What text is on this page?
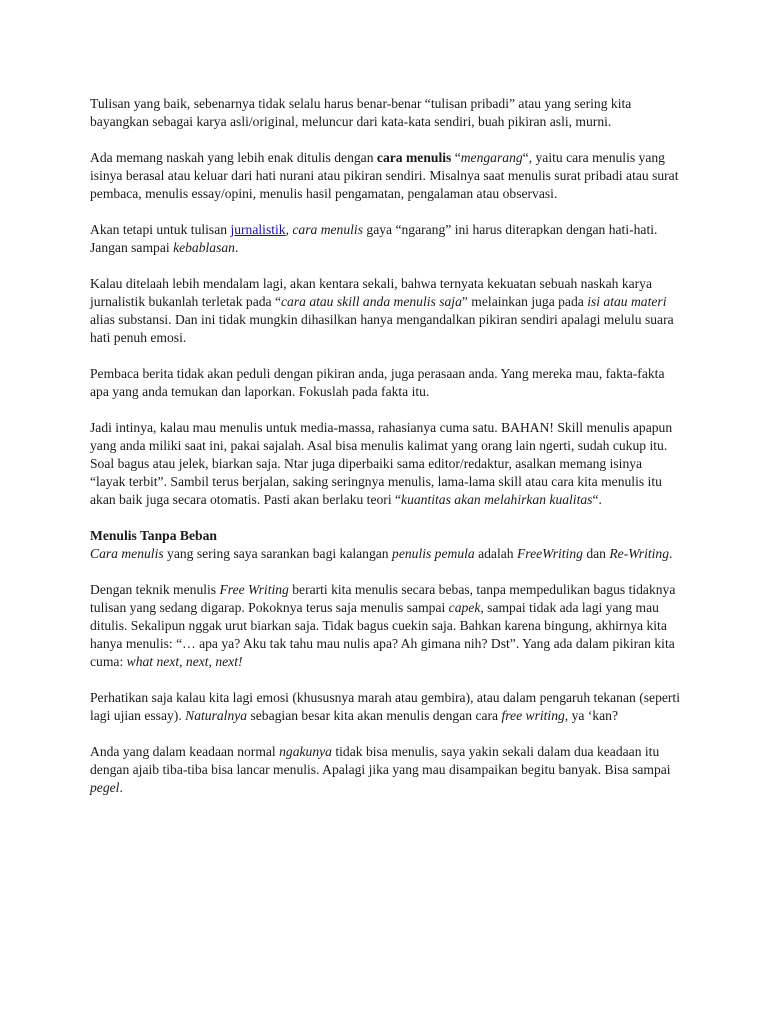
Tulisan yang baik, sebenarnya tidak selalu harus benar-benar “tulisan pribadi” atau yang sering kita bayangkan sebagai karya asli/original, meluncur dari kata-kata sendiri, buah pikiran asli, murni.

Ada memang naskah yang lebih enak ditulis dengan cara menulis “mengarang“, yaitu cara menulis yang isinya berasal atau keluar dari hati nurani atau pikiran sendiri. Misalnya saat menulis surat pribadi atau surat pembaca, menulis essay/opini, menulis hasil pengamatan, pengalaman atau observasi.

Akan tetapi untuk tulisan jurnalistik, cara menulis gaya “ngarang” ini harus diterapkan dengan hati-hati. Jangan sampai kebablasan.

Kalau ditelaah lebih mendalam lagi, akan kentara sekali, bahwa ternyata kekuatan sebuah naskah karya jurnalistik bukanlah terletak pada “cara atau skill anda menulis saja” melainkan juga pada isi atau materi alias substansi. Dan ini tidak mungkin dihasilkan hanya mengandalkan pikiran sendiri apalagi melulu suara hati penuh emosi.

Pembaca berita tidak akan peduli dengan pikiran anda, juga perasaan anda. Yang mereka mau, fakta-fakta apa yang anda temukan dan laporkan. Fokuslah pada fakta itu.

Jadi intinya, kalau mau menulis untuk media-massa, rahasianya cuma satu. BAHAN! Skill menulis apapun yang anda miliki saat ini, pakai sajalah. Asal bisa menulis kalimat yang orang lain ngerti, sudah cukup itu. Soal bagus atau jelek, biarkan saja. Ntar juga diperbaiki sama editor/redaktur, asalkan memang isinya “layak terbit”. Sambil terus berjalan, saking seringnya menulis, lama-lama skill atau cara kita menulis itu akan baik juga secara otomatis. Pasti akan berlaku teori “kuantitas akan melahirkan kualitas“.

Menulis Tanpa Beban
Cara menulis yang sering saya sarankan bagi kalangan penulis pemula adalah FreeWriting dan Re-Writing.

Dengan teknik menulis Free Writing berarti kita menulis secara bebas, tanpa mempedulikan bagus tidaknya tulisan yang sedang digarap. Pokoknya terus saja menulis sampai capek, sampai tidak ada lagi yang mau ditulis. Sekalipun nggak urut biarkan saja. Tidak bagus cuekin saja. Bahkan karena bingung, akhirnya kita hanya menulis: “… apa ya? Aku tak tahu mau nulis apa? Ah gimana nih? Dst”. Yang ada dalam pikiran kita cuma: what next, next, next!

Perhatikan saja kalau kita lagi emosi (khususnya marah atau gembira), atau dalam pengaruh tekanan (seperti lagi ujian essay). Naturalnya sebagian besar kita akan menulis dengan cara free writing, ya ‘kan?

Anda yang dalam keadaan normal ngakunya tidak bisa menulis, saya yakin sekali dalam dua keadaan itu dengan ajaib tiba-tiba bisa lancar menulis. Apalagi jika yang mau disampaikan begitu banyak. Bisa sampai pegel.
